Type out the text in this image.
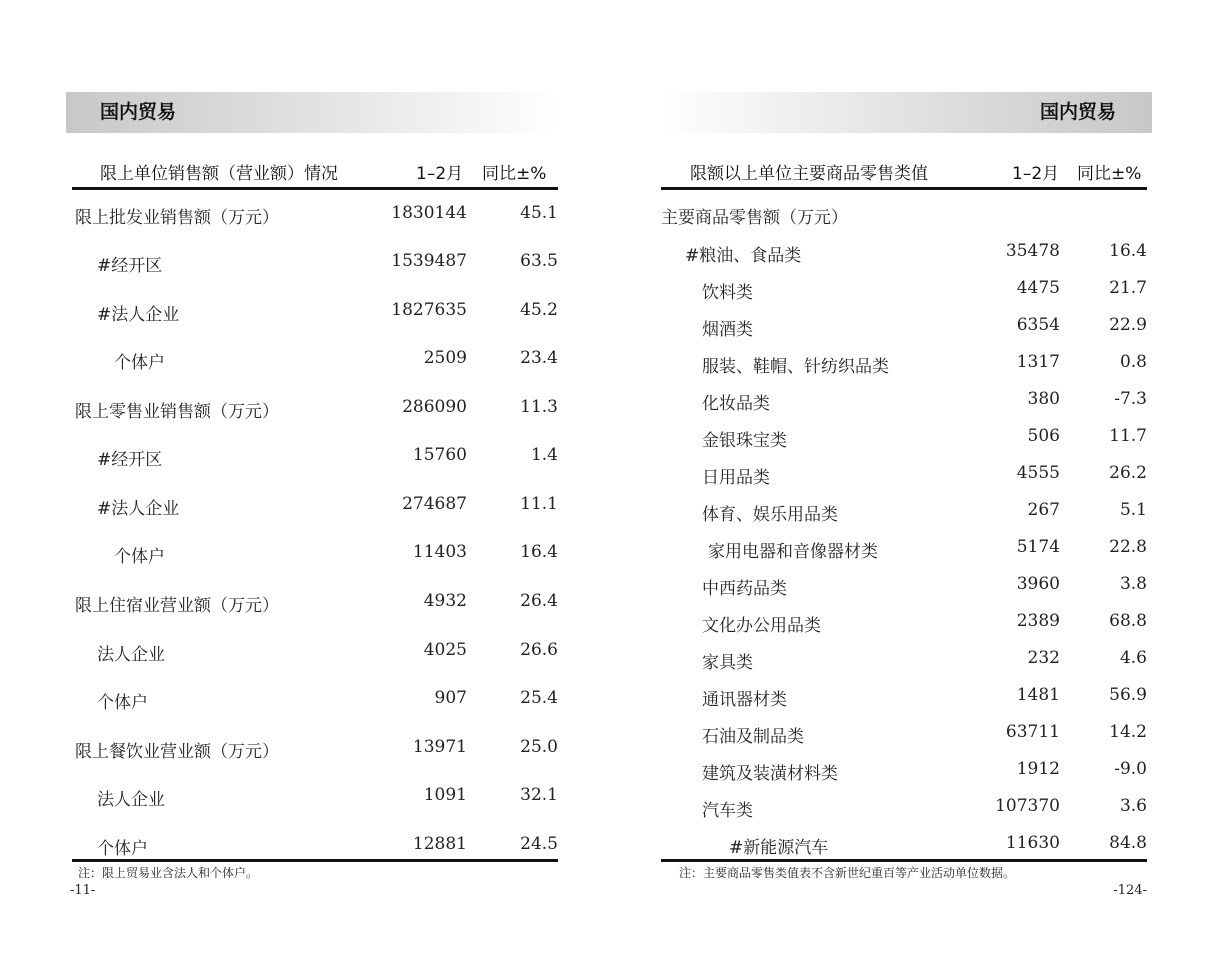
国内贸易
限上单位销售额（营业额）情况	1–2月 同比±%
限上批发业销售额（万元）	1830144	45.1
#经开区	1539487	63.5
#法人企业	1827635	45.2
个体户	2509	23.4
限上零售业销售额（万元）	286090	11.3
#经开区	15760	1.4
#法人企业	274687	11.1
个体户	11403	16.4
限上住宿业营业额（万元）	4932	26.4
法人企业	4025	26.6
个体户	907	25.4
限上餐饮业营业额（万元）	13971	25.0
法人企业	1091	32.1
个体户	12881	24.5
注：限上贸易业含法人和个体户。
-11-
国内贸易
限额以上单位主要商品零售类值	1–2月 同比±%
主要商品零售额（万元）
#粮油、食品类	35478	16.4
饮料类	4475	21.7
烟酒类	6354	22.9
服装、鞋帽、针纺织品类	1317	0.8
化妆品类	380	-7.3
金银珠宝类	506	11.7
日用品类	4555	26.2
体育、娱乐用品类	267	5.1
家用电器和音像器材类	5174	22.8
中西药品类	3960	3.8
文化办公用品类	2389	68.8
家具类	232	4.6
通讯器材类	1481	56.9
石油及制品类	63711	14.2
建筑及装潢材料类	1912	-9.0
汽车类	107370	3.6
#新能源汽车	11630	84.8
注：主要商品零售类值表不含新世纪重百等产业活动单位数据。
-124-
